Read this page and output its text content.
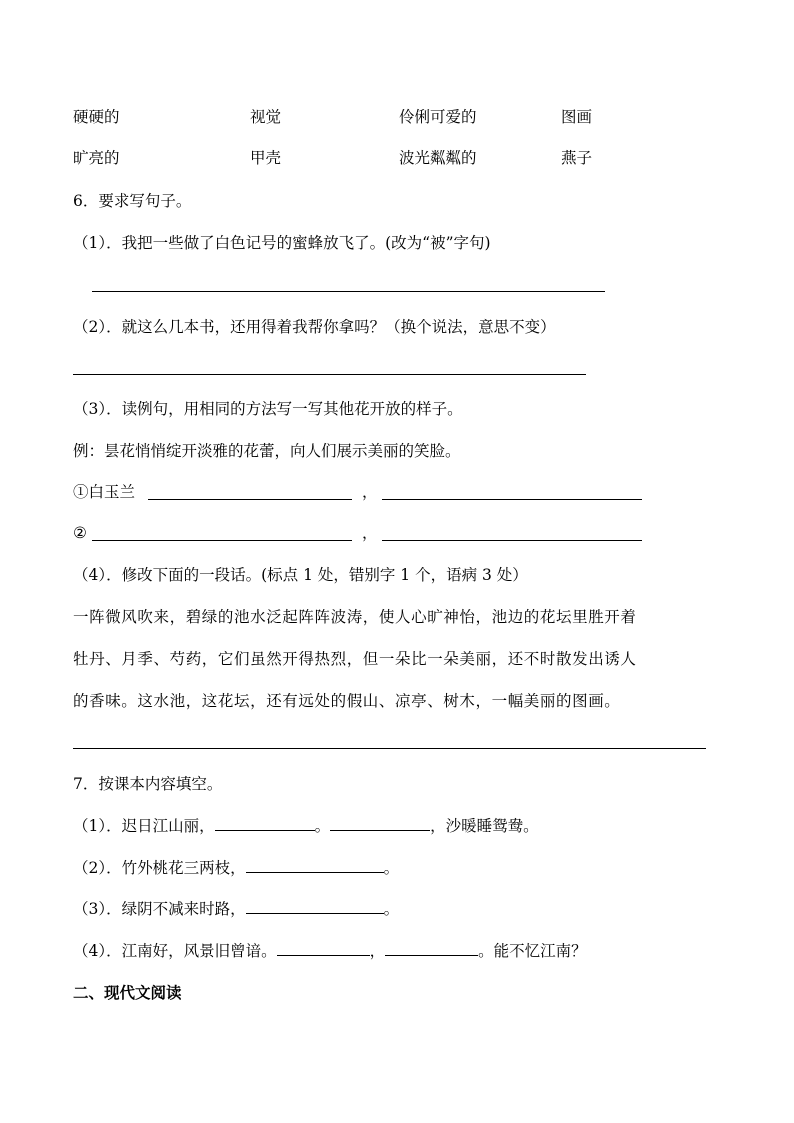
硬硬的	视觉	伶俐可爱的	图画
旷亮的	甲壳	波光粼粼的	燕子
6．要求写句子。
（1）．我把一些做了白色记号的蜜蜂放飞了。(改为“被”字句)
（2）．就这么几本书，还用得着我帮你拿吗？（换个说法，意思不变）
（3）．读例句，用相同的方法写一写其他花开放的样子。
例：昙花悄悄绽开淡雅的花蕾，向人们展示美丽的笑脸。
①白玉兰	，
②	，
（4）．修改下面的一段话。(标点 1 处，错别字 1 个，语病 3 处）
一阵微风吹来，碧绿的池水泛起阵阵波涛，使人心旷神怡，池边的花坛里胜开着
牡丹、月季、芍药，它们虽然开得热烈，但一朵比一朵美丽，还不时散发出诱人
的香味。这水池，这花坛，还有远处的假山、凉亭、树木，一幅美丽的图画。
7．按课本内容填空。
（1）．迟日江山丽，	。	，沙暖睡鸳鸯。
（2）．竹外桃花三两枝，	。
（3）．绿阴不减来时路，	。
（4）．江南好，风景旧曾谙。	，	。能不忆江南？
二、现代文阅读
